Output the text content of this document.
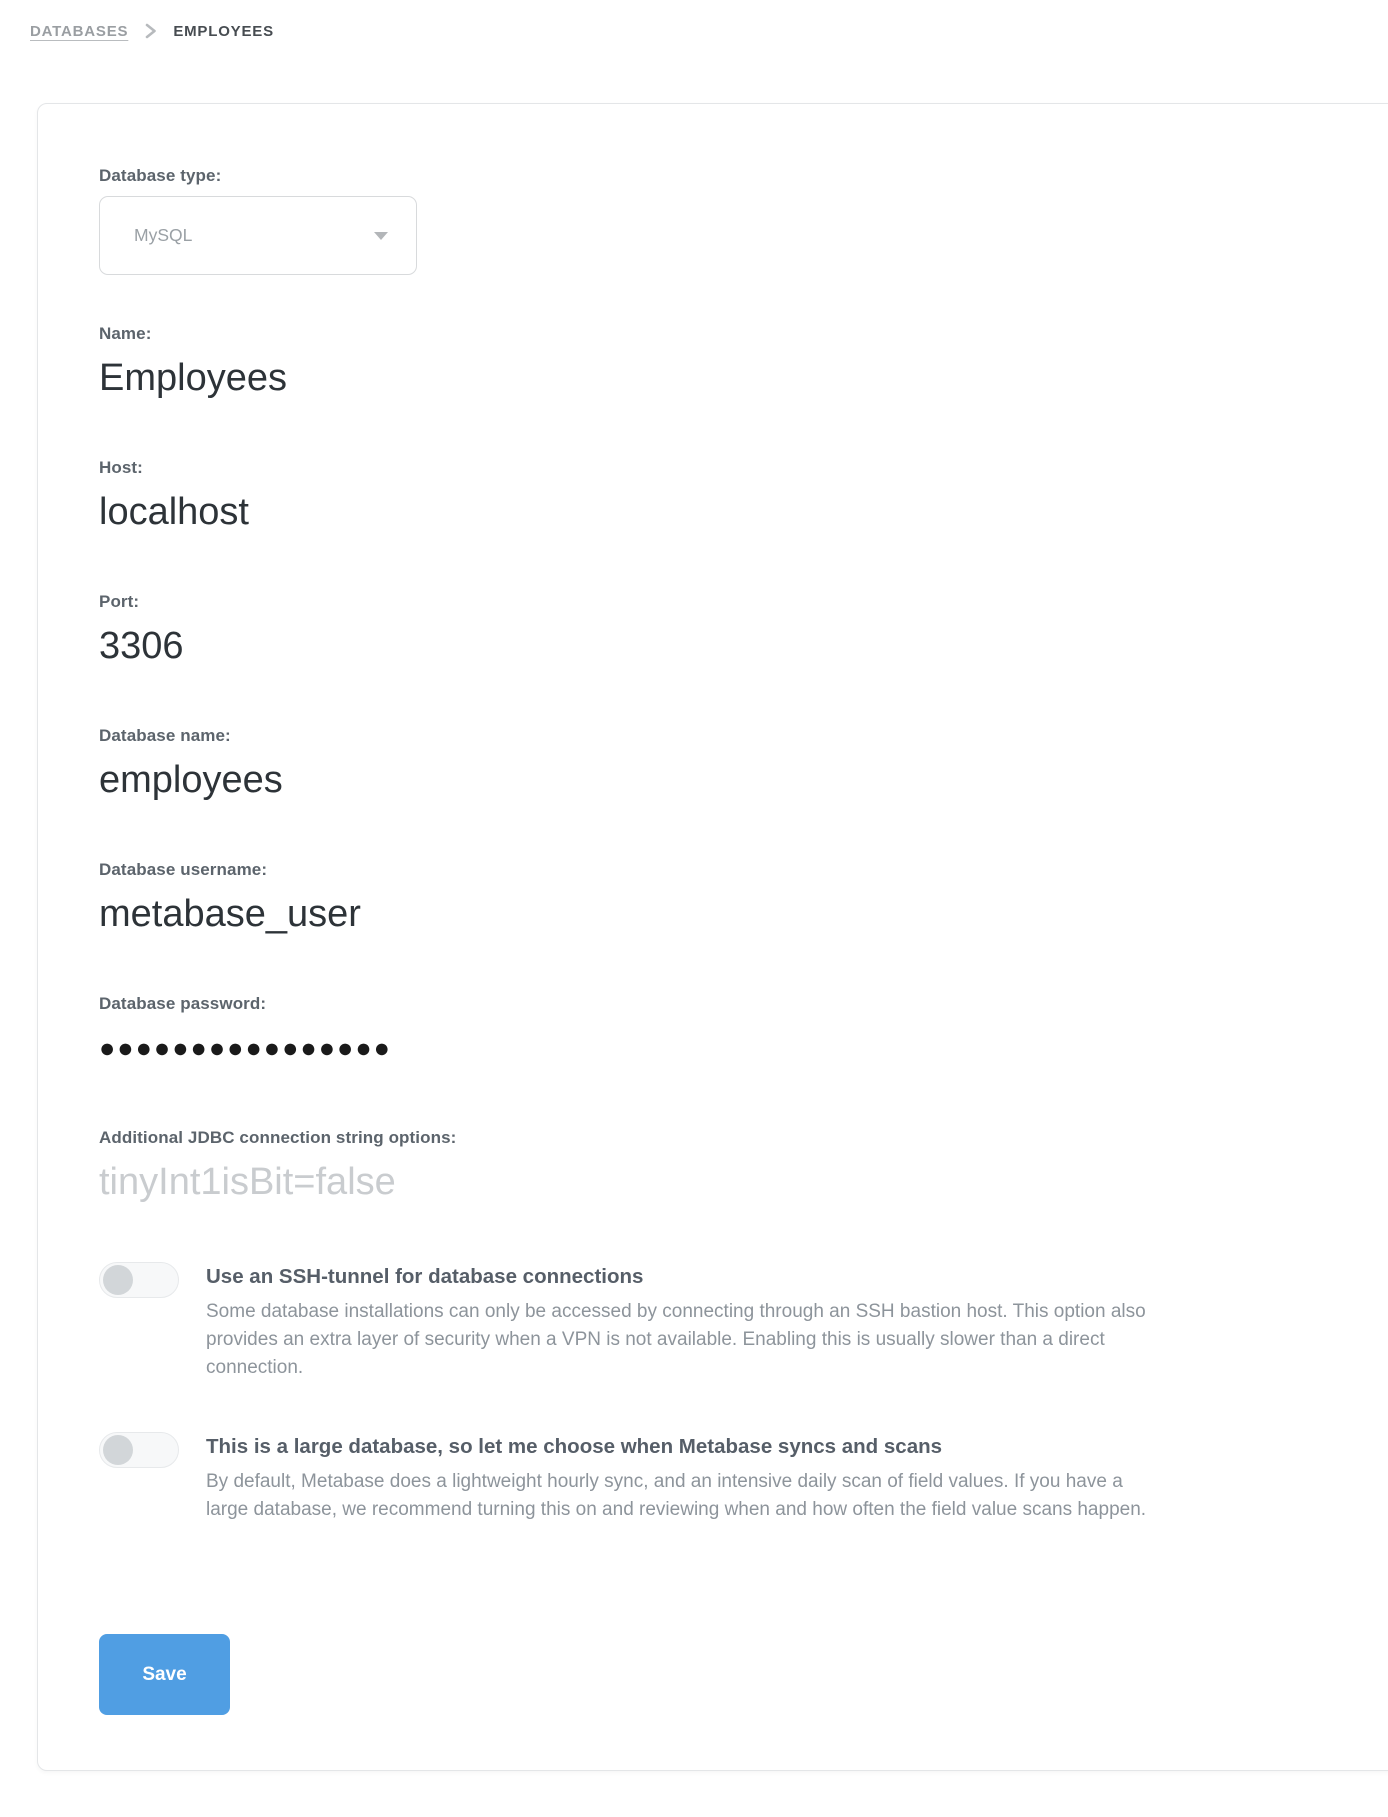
DATABASES	EMPLOYEES
Database type:
MySQL
Name:
Employees
Host:
localhost
Port:
3306
Database name:
employees
Database username:
metabase_user
Database password:
●●●●●●●●●●●●●●●●
Additional JDBC connection string options:
tinyInt1isBit=false
Use an SSH-tunnel for database connections
Some database installations can only be accessed by connecting through an SSH bastion host. This option also provides an extra layer of security when a VPN is not available. Enabling this is usually slower than a direct connection.
This is a large database, so let me choose when Metabase syncs and scans
By default, Metabase does a lightweight hourly sync, and an intensive daily scan of field values. If you have a large database, we recommend turning this on and reviewing when and how often the field value scans happen.
Save
